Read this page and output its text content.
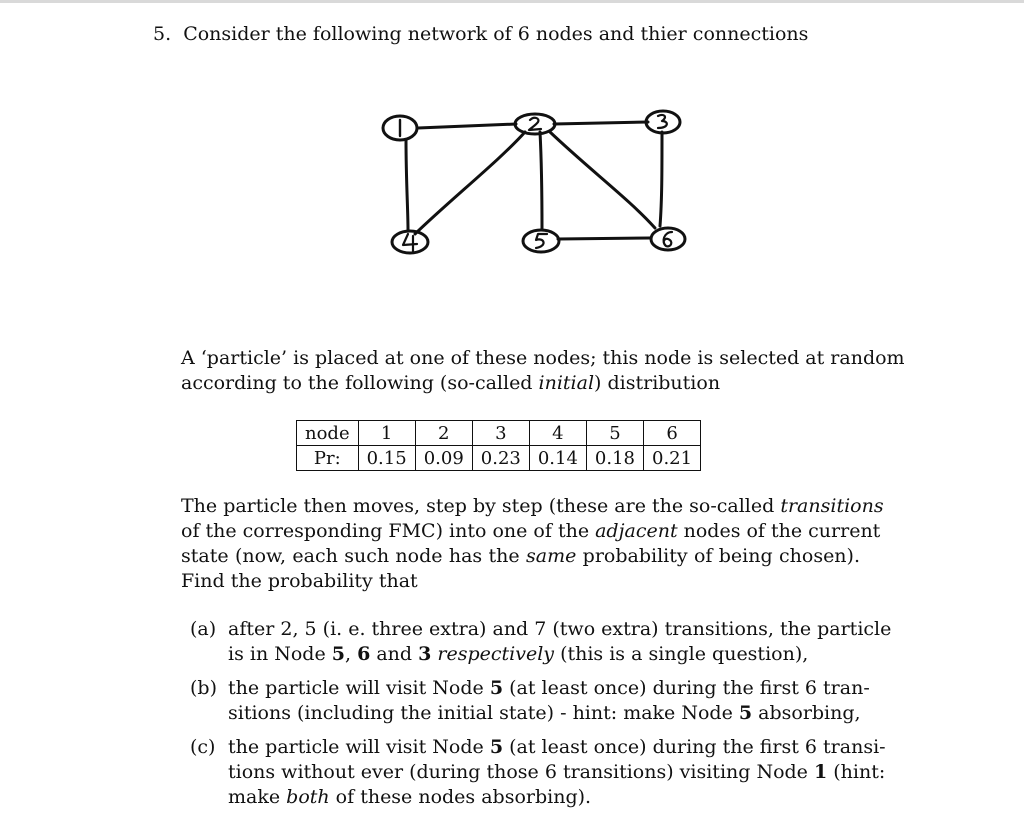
5. Consider the following network of 6 nodes and thier connections
A ‘particle’ is placed at one of these nodes; this node is selected at random
according to the following (so-called initial) distribution
node	1	2	3	4	5	6
Pr:	0.15	0.09	0.23	0.14	0.18	0.21
The particle then moves, step by step (these are the so-called transitions
of the corresponding FMC) into one of the adjacent nodes of the current
state (now, each such node has the same probability of being chosen).
Find the probability that
(a) after 2, 5 (i. e. three extra) and 7 (two extra) transitions, the particle
is in Node 5, 6 and 3 respectively (this is a single question),
(b) the particle will visit Node 5 (at least once) during the first 6 tran-
sitions (including the initial state) - hint: make Node 5 absorbing,
(c) the particle will visit Node 5 (at least once) during the first 6 transi-
tions without ever (during those 6 transitions) visiting Node 1 (hint:
make both of these nodes absorbing).
